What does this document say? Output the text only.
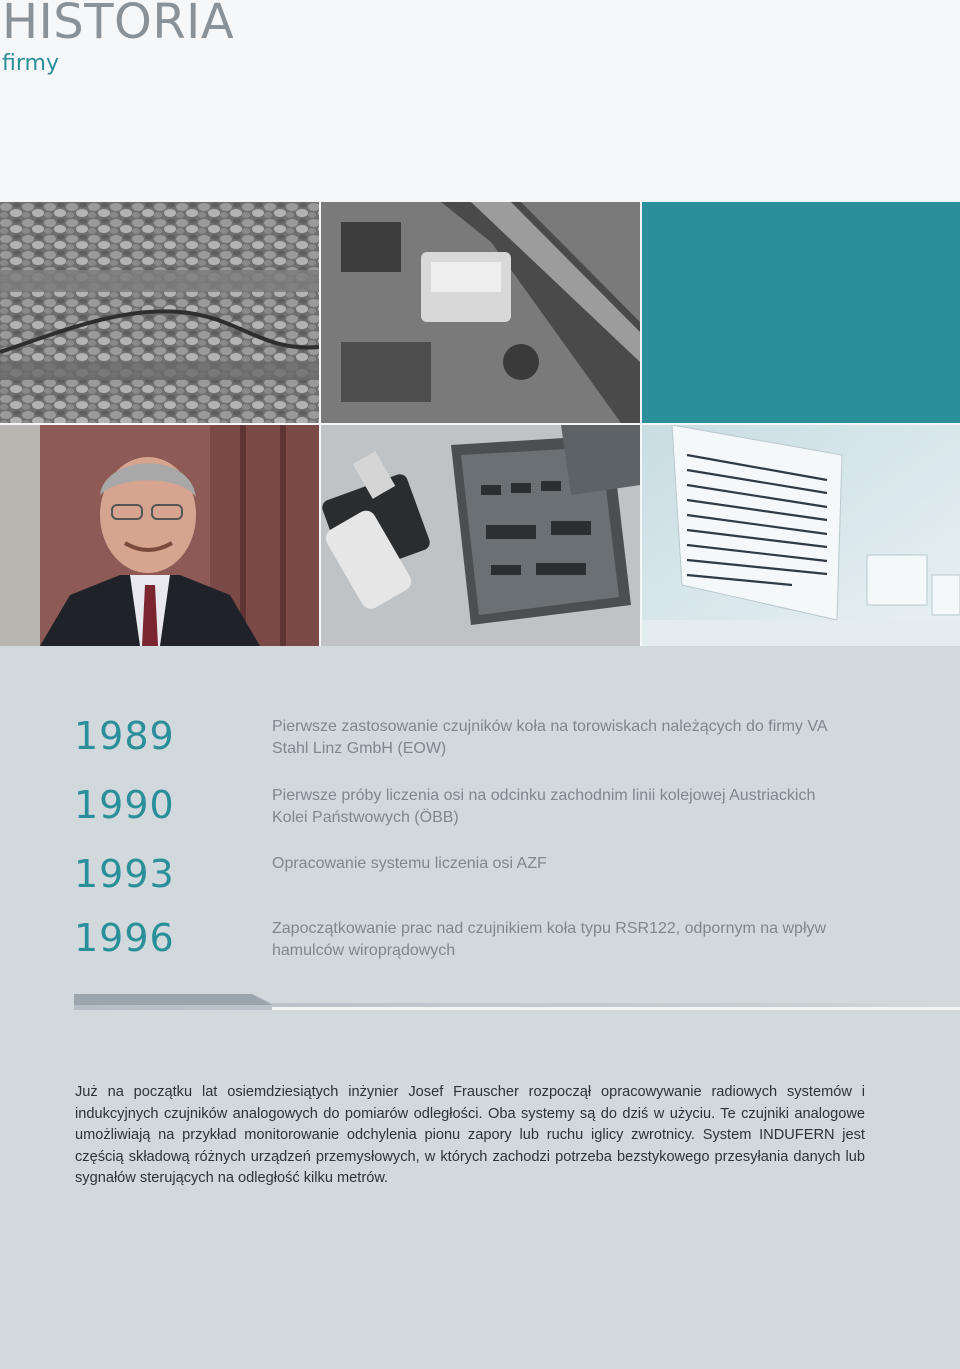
HISTORIA
firmy
1989	Pierwsze zastosowanie czujników koła na torowiskach należących do firmy VA Stahl Linz GmbH (EOW)
1990	Pierwsze próby liczenia osi na odcinku zachodnim linii kolejowej Austriackich Kolei Państwowych (ÖBB)
1993	Opracowanie systemu liczenia osi AZF
1996	Zapoczątkowanie prac nad czujnikiem koła typu RSR122, odpornym na wpływ hamulców wiroprądowych

Już na początku lat osiemdziesiątych inżynier Josef Frauscher rozpoczął opracowywanie radiowych systemów i indukcyjnych czujników analogowych do pomiarów odległości. Oba systemy są do dziś w użyciu. Te czujniki analogowe umożliwiają na przykład monitorowanie odchylenia pionu zapory lub ruchu iglicy zwrotnicy. System INDUFERN jest częścią składową różnych urządzeń przemysłowych, w których zachodzi potrzeba bezstykowego przesyłania danych lub sygnałów sterujących na odległość kilku metrów.
